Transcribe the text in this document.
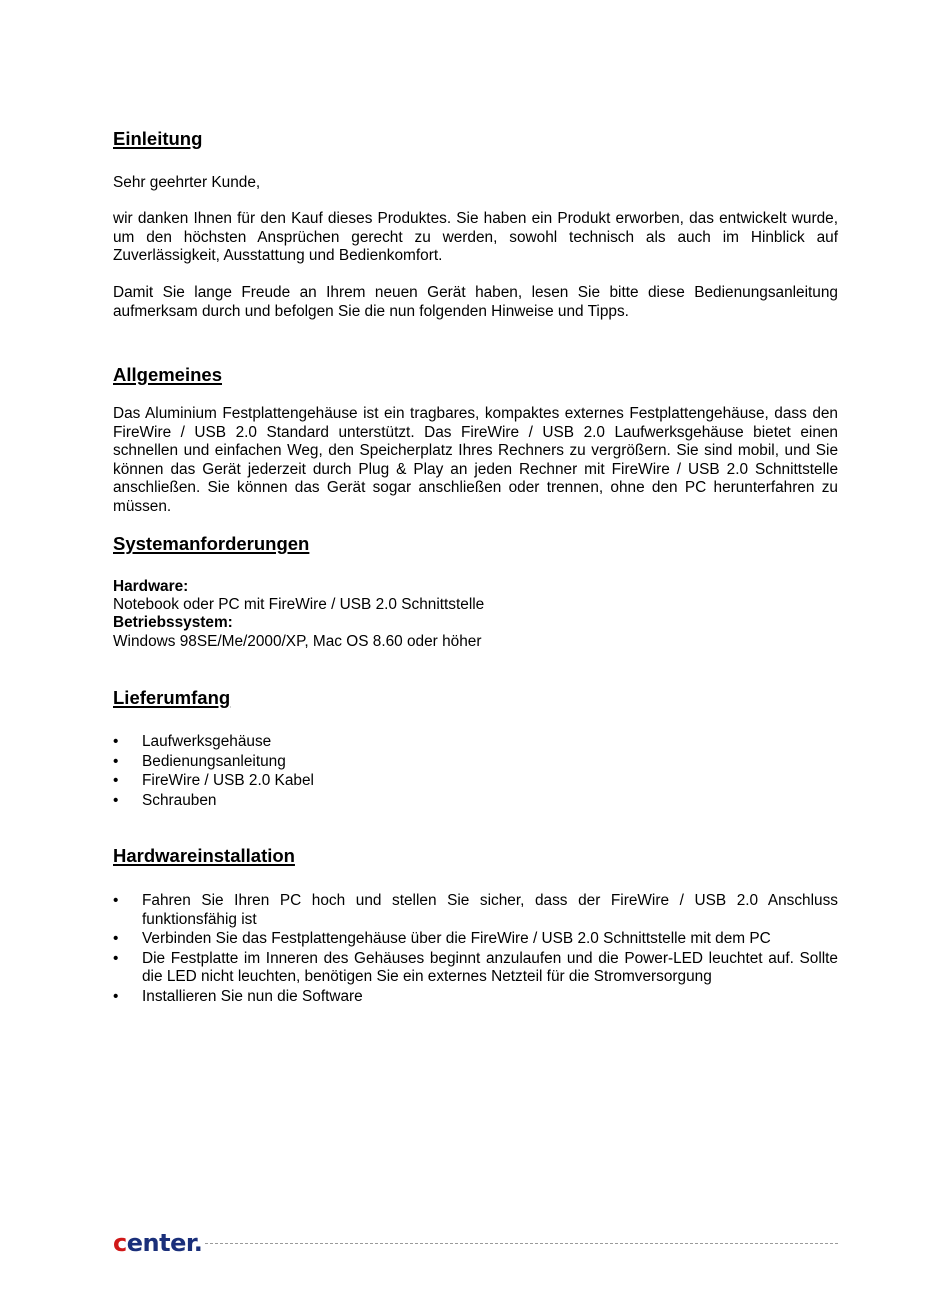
Einleitung

Sehr geehrter Kunde,

wir danken Ihnen für den Kauf dieses Produktes. Sie haben ein Produkt erworben, das entwickelt wurde, um den höchsten Ansprüchen gerecht zu werden, sowohl technisch als auch im Hinblick auf Zuverlässigkeit, Ausstattung und Bedienkomfort.

Damit Sie lange Freude an Ihrem neuen Gerät haben, lesen Sie bitte diese Bedienungsanleitung aufmerksam durch und befolgen Sie die nun folgenden Hinweise und Tipps.

Allgemeines

Das Aluminium Festplattengehäuse ist ein tragbares, kompaktes externes Festplattengehäuse, dass den FireWire / USB 2.0 Standard unterstützt. Das FireWire / USB 2.0 Laufwerksgehäuse bietet einen schnellen und einfachen Weg, den Speicherplatz Ihres Rechners zu vergrößern. Sie sind mobil, und Sie können das Gerät jederzeit durch Plug & Play an jeden Rechner mit FireWire / USB 2.0 Schnittstelle anschließen. Sie können das Gerät sogar anschließen oder trennen, ohne den PC herunterfahren zu müssen.

Systemanforderungen

Hardware:

Notebook oder PC mit FireWire / USB 2.0 Schnittstelle

Betriebssystem:

Windows 98SE/Me/2000/XP, Mac OS 8.60 oder höher

Lieferumfang
•	Laufwerksgehäuse
•	Bedienungsanleitung
•	FireWire / USB 2.0 Kabel
•	Schrauben
Hardwareinstallation
•	Fahren Sie Ihren PC hoch und stellen Sie sicher, dass der FireWire / USB 2.0 Anschluss funktionsfähig ist
•	Verbinden Sie das Festplattengehäuse über die FireWire / USB 2.0 Schnittstelle mit dem PC
•	Die Festplatte im Inneren des Gehäuses beginnt anzulaufen und die Power-LED leuchtet auf. Sollte die LED nicht leuchten, benötigen Sie ein externes Netzteil für die Stromversorgung
•	Installieren Sie nun die Software
center.
